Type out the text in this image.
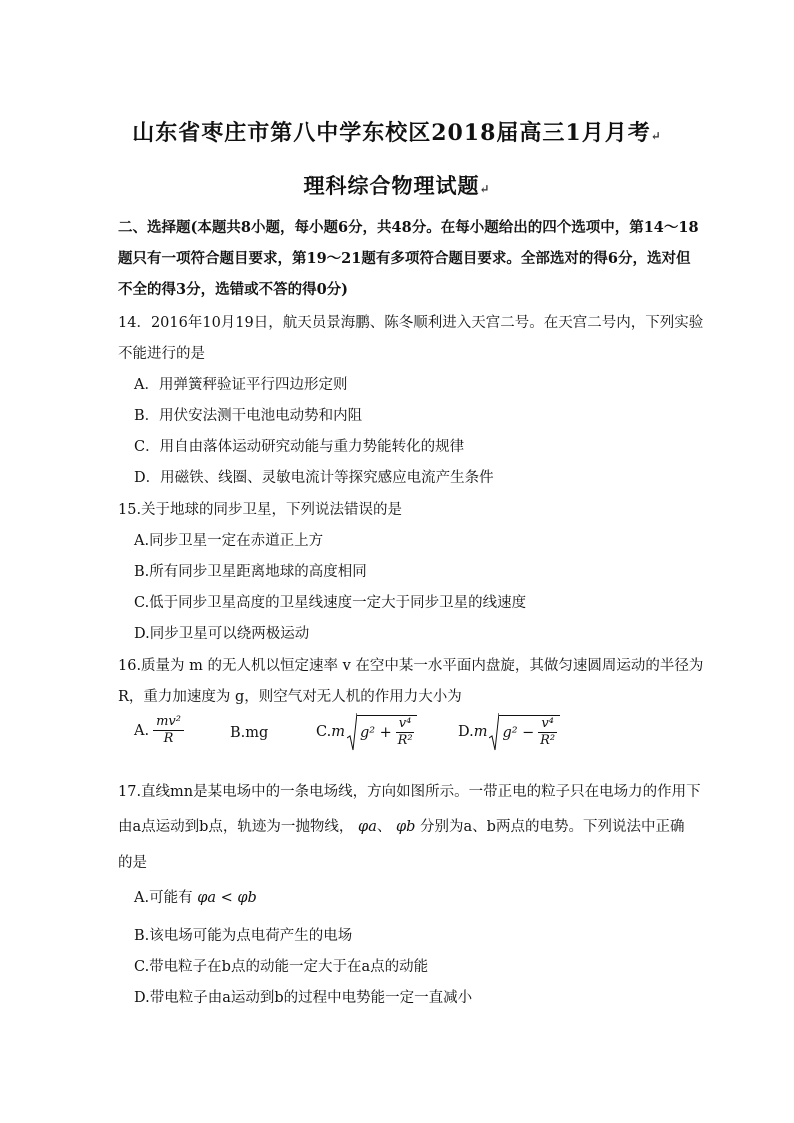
山东省枣庄市第八中学东校区2018届高三1月月考↵
理科综合物理试题↵
二、选择题(本题共8小题，每小题6分，共48分。在每小题给出的四个选项中，第14～18
题只有一项符合题目要求，第19～21题有多项符合题目要求。全部选对的得6分，选对但
不全的得3分，选错或不答的得0分)
14．2016年10月19日，航天员景海鹏、陈冬顺利进入天宫二号。在天宫二号内，下列实验
不能进行的是
A．用弹簧秤验证平行四边形定则
B．用伏安法测干电池电动势和内阻
C．用自由落体运动研究动能与重力势能转化的规律
D．用磁铁、线圈、灵敏电流计等探究感应电流产生条件
15.关于地球的同步卫星，下列说法错误的是
A.同步卫星一定在赤道正上方
B.所有同步卫星距离地球的高度相同
C.低于同步卫星高度的卫星线速度一定大于同步卫星的线速度
D.同步卫星可以绕两极运动
16.质量为 m 的无人机以恒定速率 v 在空中某一水平面内盘旋，其做匀速圆周运动的半径为
R，重力加速度为 g，则空气对无人机的作用力大小为
A. $\frac{\text{mv²}}{R}$	B.mg	C. m $g^2 + \frac{\text{v⁴}}{\text{R²}}$	D. m $g^2 - \frac{\text{v⁴}}{\text{R²}}$
17.直线mn是某电场中的一条电场线，方向如图所示。一带正电的粒子只在电场力的作用下
由a点运动到b点，轨迹为一抛物线， φa、 φb 分别为a、b两点的电势。下列说法中正确
的是
A.可能有 φa < φb
B.该电场可能为点电荷产生的电场
C.带电粒子在b点的动能一定大于在a点的动能
D.带电粒子由a运动到b的过程中电势能一定一直减小
